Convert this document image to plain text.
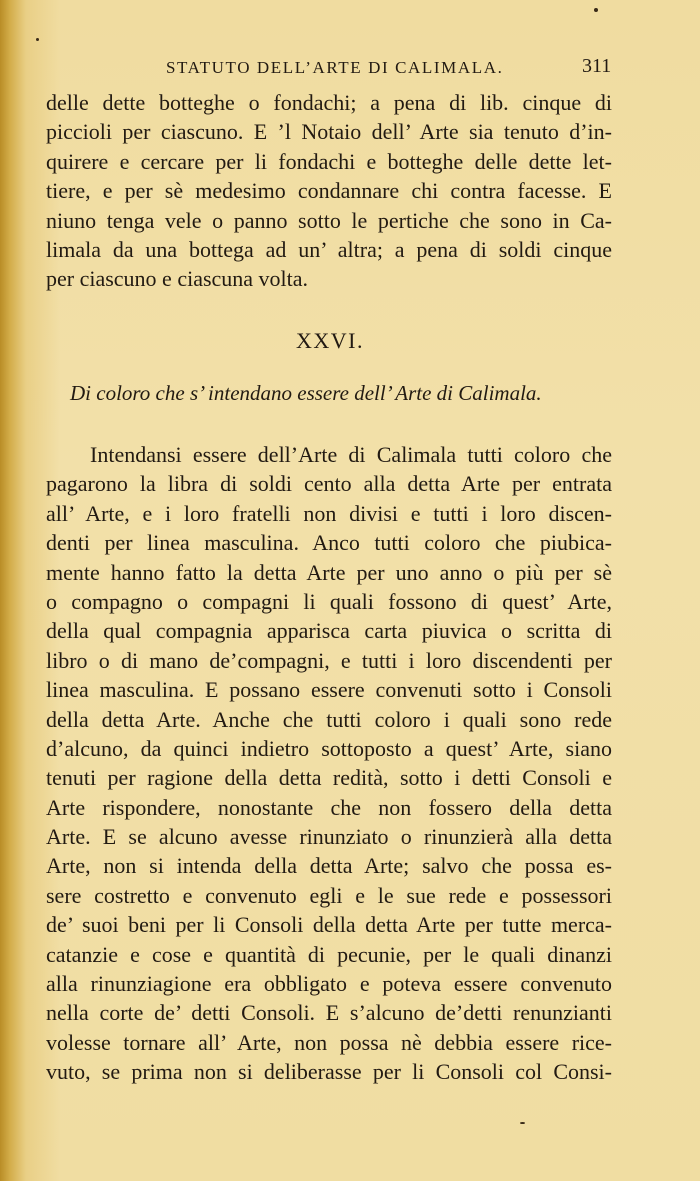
STATUTO DELL’ARTE DI CALIMALA.	311
delle dette botteghe o fondachi; a pena di lib. cinque di
piccioli per ciascuno. E ’l Notaio dell’ Arte sia tenuto d’in-
quirere e cercare per li fondachi e botteghe delle dette let-
tiere, e per sè medesimo condannare chi contra facesse. E
niuno tenga vele o panno sotto le pertiche che sono in Ca-
limala da una bottega ad un’ altra; a pena di soldi cinque
per ciascuno e ciascuna volta.
XXVI.
Di coloro che s’ intendano essere dell’ Arte di Calimala.
Intendansi essere dell’Arte di Calimala tutti coloro che
pagarono la libra di soldi cento alla detta Arte per entrata
all’ Arte, e i loro fratelli non divisi e tutti i loro discen-
denti per linea masculina. Anco tutti coloro che piubica-
mente hanno fatto la detta Arte per uno anno o più per sè
o compagno o compagni li quali fossono di quest’ Arte,
della qual compagnia apparisca carta piuvica o scritta di
libro o di mano de’compagni, e tutti i loro discendenti per
linea masculina. E possano essere convenuti sotto i Consoli
della detta Arte. Anche che tutti coloro i quali sono rede
d’alcuno, da quinci indietro sottoposto a quest’ Arte, siano
tenuti per ragione della detta redità, sotto i detti Consoli e
Arte rispondere, nonostante che non fossero della detta
Arte. E se alcuno avesse rinunziato o rinunzierà alla detta
Arte, non si intenda della detta Arte; salvo che possa es-
sere costretto e convenuto egli e le sue rede e possessori
de’ suoi beni per li Consoli della detta Arte per tutte merca-
catanzie e cose e quantità di pecunie, per le quali dinanzi
alla rinunziagione era obbligato e poteva essere convenuto
nella corte de’ detti Consoli. E s’alcuno de’detti renunzianti
volesse tornare all’ Arte, non possa nè debbia essere rice-
vuto, se prima non si deliberasse per li Consoli col Consi-
